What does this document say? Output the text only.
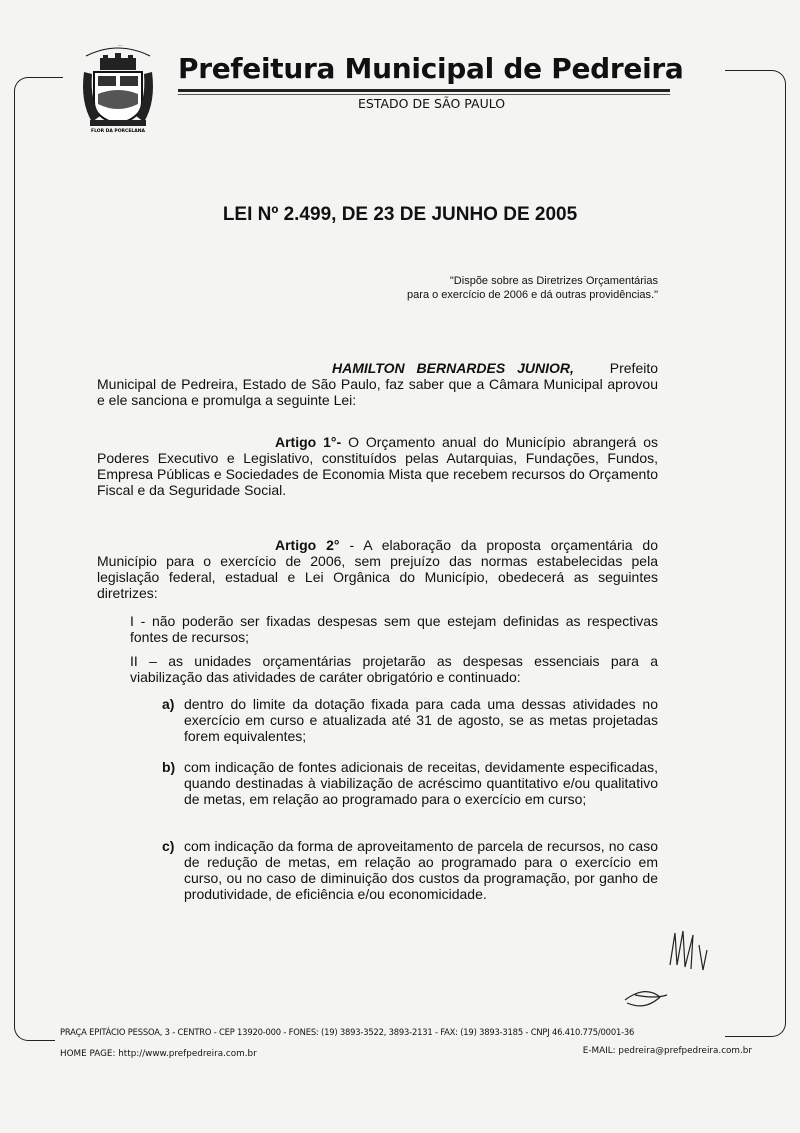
PEDREIRA
FLOR DA PORCELANA
Prefeitura Municipal de Pedreira
ESTADO DE SÃO PAULO
LEI Nº 2.499, DE 23 DE JUNHO DE 2005
"Dispõe sobre as Diretrizes Orçamentárias
para o exercício de 2006 e dá outras providências."
HAMILTON BERNARDES JUNIOR,	Prefeito Municipal de Pedreira, Estado de São Paulo, faz saber que a Câmara Municipal aprovou e ele sanciona e promulga a seguinte Lei:
Artigo 1°- O Orçamento anual do Município abrangerá os Poderes Executivo e Legislativo, constituídos pelas Autarquias, Fundações, Fundos, Empresa Públicas e Sociedades de Economia Mista que recebem recursos do Orçamento Fiscal e da Seguridade Social.
Artigo 2° - A elaboração da proposta orçamentária do Município para o exercício de 2006, sem prejuízo das normas estabelecidas pela legislação federal, estadual e Lei Orgânica do Município, obedecerá as seguintes diretrizes:
I - não poderão ser fixadas despesas sem que estejam definidas as respectivas fontes de recursos;
II – as unidades orçamentárias projetarão as despesas essenciais para a viabilização das atividades de caráter obrigatório e continuado:
a) dentro do limite da dotação fixada para cada uma dessas atividades no exercício em curso e atualizada até 31 de agosto, se as metas projetadas forem equivalentes;
b) com indicação de fontes adicionais de receitas, devidamente especificadas, quando destinadas à viabilização de acréscimo quantitativo e/ou qualitativo de metas, em relação ao programado para o exercício em curso;
c) com indicação da forma de aproveitamento de parcela de recursos, no caso de redução de metas, em relação ao programado para o exercício em curso, ou no caso de diminuição dos custos da programação, por ganho de produtividade, de eficiência e/ou economicidade.
PRAÇA EPITÁCIO PESSOA, 3 - CENTRO - CEP 13920-000 - FONES: (19) 3893-3522, 3893-2131 - FAX: (19) 3893-3185 - CNPJ 46.410.775/0001-36
HOME PAGE: http://www.prefpedreira.com.br	E-MAIL: pedreira@prefpedreira.com.br
